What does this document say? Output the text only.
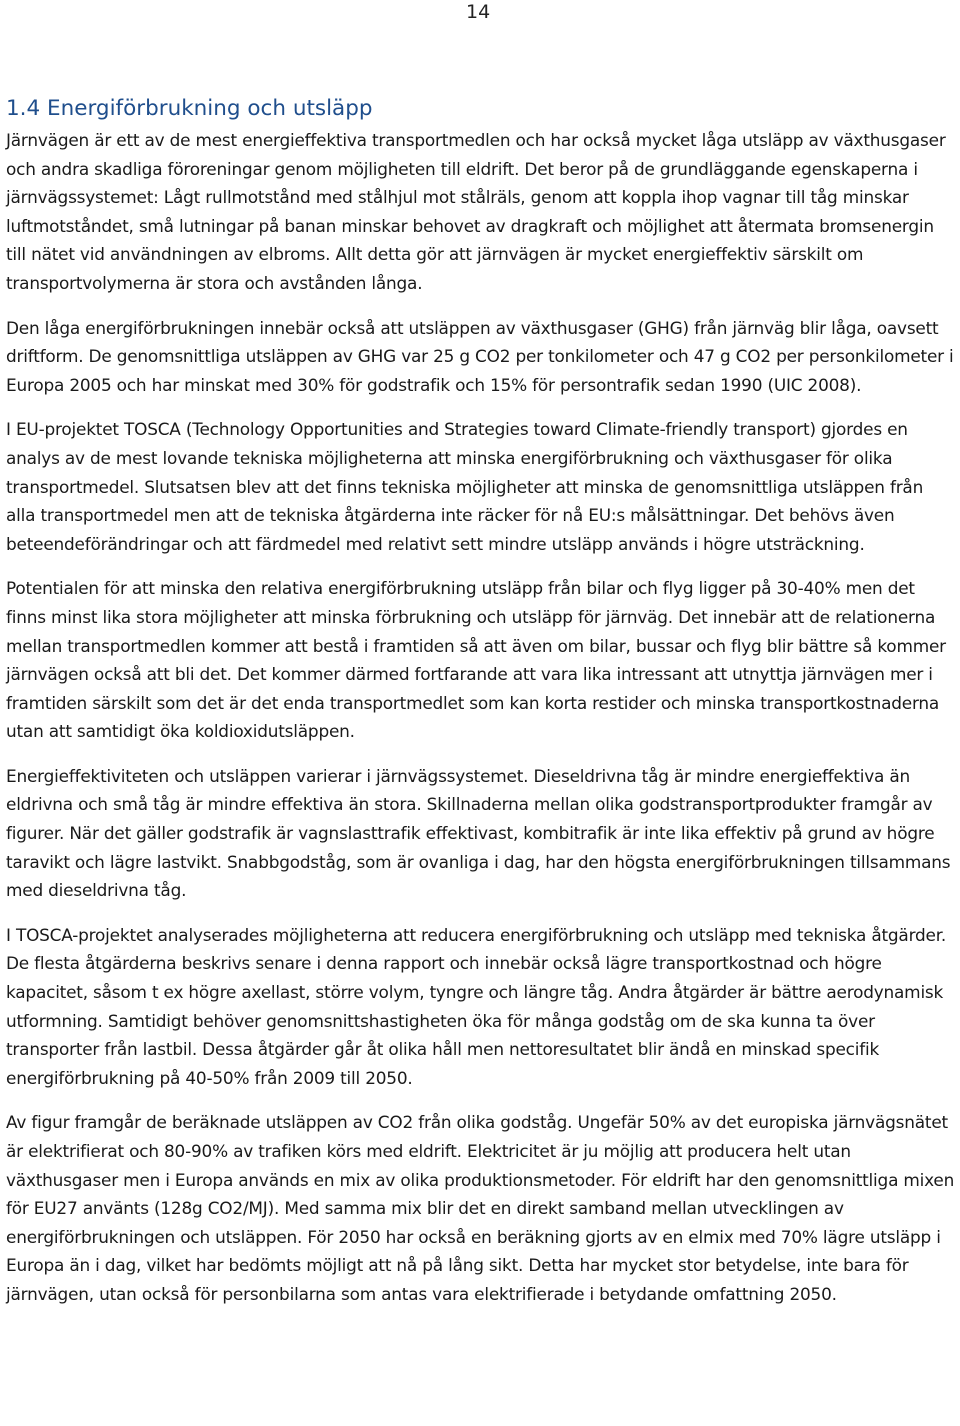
14
1.4 Energiförbrukning och utsläpp

Järnvägen är ett av de mest energieffektiva transportmedlen och har också mycket låga utsläpp av växthusgaser och andra skadliga föroreningar genom möjligheten till eldrift. Det beror på de grundläggande egenskaperna i järnvägssystemet: Lågt rullmotstånd med stålhjul mot stålräls, genom att koppla ihop vagnar till tåg minskar luftmotståndet, små lutningar på banan minskar behovet av dragkraft och möjlighet att återmata bromsenergin till nätet vid användningen av elbroms. Allt detta gör att järnvägen är mycket energieffektiv särskilt om transportvolymerna är stora och avstånden långa.

Den låga energiförbrukningen innebär också att utsläppen av växthusgaser (GHG) från järnväg blir låga, oavsett driftform. De genomsnittliga utsläppen av GHG var 25 g CO2 per tonkilometer och 47 g CO2 per personkilometer i Europa 2005 och har minskat med 30% för godstrafik och 15% för persontrafik sedan 1990 (UIC 2008).

I EU-projektet TOSCA (Technology Opportunities and Strategies toward Climate-friendly transport) gjordes en analys av de mest lovande tekniska möjligheterna att minska energiförbrukning och växthusgaser för olika transportmedel. Slutsatsen blev att det finns tekniska möjligheter att minska de genomsnittliga utsläppen från alla transportmedel men att de tekniska åtgärderna inte räcker för nå EU:s målsättningar. Det behövs även beteendeförändringar och att färdmedel med relativt sett mindre utsläpp används i högre utsträckning.

Potentialen för att minska den relativa energiförbrukning utsläpp från bilar och flyg ligger på 30-40% men det finns minst lika stora möjligheter att minska förbrukning och utsläpp för järnväg. Det innebär att de relationerna mellan transportmedlen kommer att bestå i framtiden så att även om bilar, bussar och flyg blir bättre så kommer järnvägen också att bli det. Det kommer därmed fortfarande att vara lika intressant att utnyttja järnvägen mer i framtiden särskilt som det är det enda transportmedlet som kan korta restider och minska transportkostnaderna utan att samtidigt öka koldioxidutsläppen.

Energieffektiviteten och utsläppen varierar i järnvägssystemet. Dieseldrivna tåg är mindre energieffektiva än eldrivna och små tåg är mindre effektiva än stora. Skillnaderna mellan olika godstransportprodukter framgår av figurer. När det gäller godstrafik är vagnslasttrafik effektivast, kombitrafik är inte lika effektiv på grund av högre taravikt och lägre lastvikt. Snabbgodståg, som är ovanliga i dag, har den högsta energiförbrukningen tillsammans med dieseldrivna tåg.

I TOSCA-projektet analyserades möjligheterna att reducera energiförbrukning och utsläpp med tekniska åtgärder. De flesta åtgärderna beskrivs senare i denna rapport och innebär också lägre transportkostnad och högre kapacitet, såsom t ex högre axellast, större volym, tyngre och längre tåg. Andra åtgärder är bättre aerodynamisk utformning. Samtidigt behöver genomsnittshastigheten öka för många godståg om de ska kunna ta över transporter från lastbil. Dessa åtgärder går åt olika håll men nettoresultatet blir ändå en minskad specifik energiförbrukning på 40-50% från 2009 till 2050.

Av figur framgår de beräknade utsläppen av CO2 från olika godståg. Ungefär 50% av det europiska järnvägsnätet är elektrifierat och 80-90% av trafiken körs med eldrift. Elektricitet är ju möjlig att producera helt utan växthusgaser men i Europa används en mix av olika produktionsmetoder. För eldrift har den genomsnittliga mixen för EU27 använts (128g CO2/MJ). Med samma mix blir det en direkt samband mellan utvecklingen av energiförbrukningen och utsläppen. För 2050 har också en beräkning gjorts av en elmix med 70% lägre utsläpp i Europa än i dag, vilket har bedömts möjligt att nå på lång sikt. Detta har mycket stor betydelse, inte bara för järnvägen, utan också för personbilarna som antas vara elektrifierade i betydande omfattning 2050.
